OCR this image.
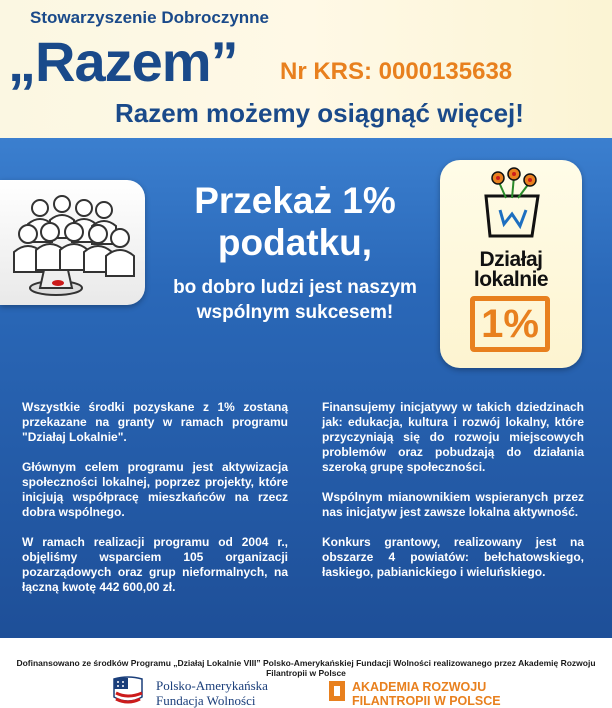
Stowarzyszenie Dobroczynne
„Razem” Nr KRS: 0000135638
Razem możemy osiągnąć więcej!
Przekaż 1%
podatku,
bo dobro ludzi jest naszym wspólnym sukcesem!
Działaj
lokalnie
1%

Wszystkie środki pozyskane z 1% zostaną przekazane na granty w ramach programu "Działaj Lokalnie".

Głównym celem programu jest aktywizacja społeczności lokalnej, poprzez projekty, które inicjują współpracę mieszkańców na rzecz dobra wspólnego.

W ramach realizacji programu od 2004 r., objęliśmy wsparciem 105 organizacji pozarządowych oraz grup nieformalnych, na łączną kwotę 442 600,00 zł.

Finansujemy inicjatywy w takich dziedzinach jak: edukacja, kultura i rozwój lokalny, które przyczyniają się do rozwoju miejscowych problemów oraz pobudzają do działania szeroką grupę społeczności.

Wspólnym mianownikiem wspieranych przez nas inicjatyw jest zawsze lokalna aktywność.

Konkurs grantowy, realizowany jest na obszarze 4 powiatów: bełchatowskiego, łaskiego, pabianickiego i wieluńskiego.

Dofinansowano ze środków Programu „Działaj Lokalnie VIII” Polsko-Amerykańskiej Fundacji Wolności realizowanego przez Akademię Rozwoju Filantropii w Polsce
Polsko-Amerykańska
Fundacja Wolności
AKADEMIA ROZWOJU
FILANTROPII W POLSCE
